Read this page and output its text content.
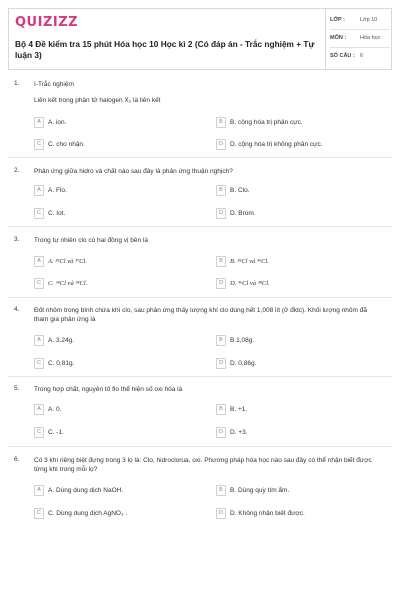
QUIZIZZ
Bộ 4 Đề kiểm tra 15 phút Hóa học 10 Học kì 2 (Có đáp án - Trắc nghiệm + Tự luận 3)
LỚP :	Lớp 10
MÔN :	Hóa học
SỐ CÂU : 6
1. I-Trắc nghiệm
Liên kết trong phân tử halogen X₂ là liên kết
A	A. ion.	B	B. cộng hóa trị phân cực.
C	C. cho nhận.	D	D. cộng hóa trị không phân cực.
2. Phản ứng giữa hidro và chất nào sau đây là phản ứng thuận nghịch?
A	A. Flo.	B	B. Clo.
C	C. Iot.	D	D. Brom.
3. Trong tự nhiên clo có hai đồng vị bền là
A	A. ³⁵Cl và ³⁷Cl.	B	B. ³⁵Cl và ³⁶Cl.
C	C. ³⁵Cl và ³⁴Cl.	D	D. ³⁶Cl và ³⁸Cl.
4. Đốt nhôm trong bình chứa khí clo, sau phản ứng thấy lượng khí clo dùng hết 1,008 lít (ở đktc). Khối lượng nhôm đã tham gia phản ứng là
A	A. 3,24g.	B	B.1,08g.
C	C. 0,81g.	D	D. 0,86g.
5. Trong hợp chất, nguyên tố flo thể hiện số oxi hóa là
A	A. 0.	B	B. +1.
C	C. -1.	D	D. +3.
6. Có 3 khí riêng biệt đựng trong 3 lọ là: Clo, hidroclorua, oxi. Phương pháp hóa học nào sau đây có thể nhận biết được từng khí trong mỗi lọ?
A	A. Dùng dung dịch NaOH.	B	B. Dùng quỳ tím ẩm.
C	C. Dùng dung dịch AgNO₃ .	D	D. Không nhận biết được.
